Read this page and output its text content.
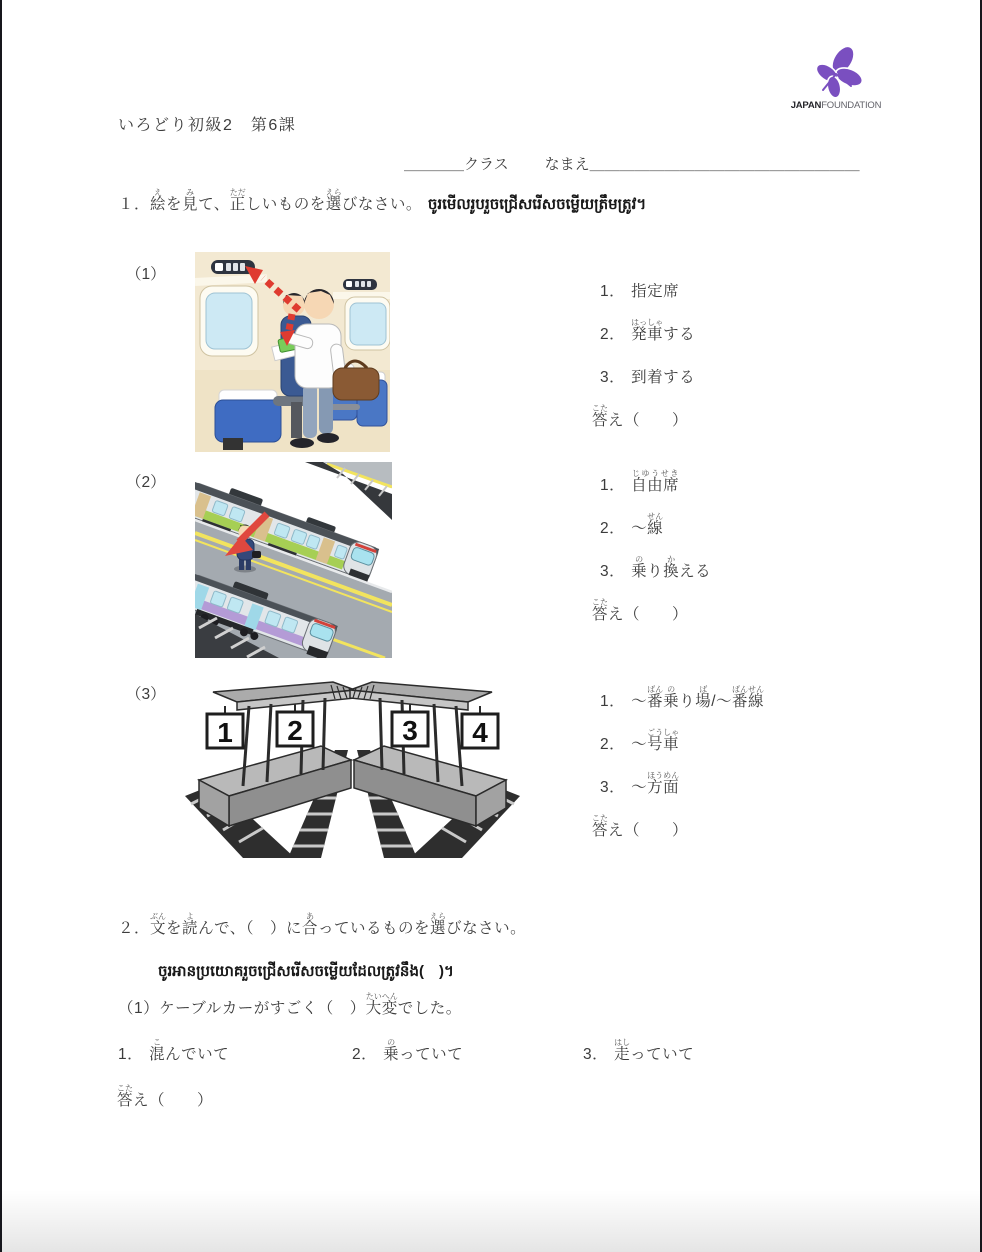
JAPANFOUNDATION
いろどり初級2　第6課
＿＿＿＿クラス なまえ＿＿＿＿＿＿＿＿＿＿＿＿＿＿＿＿＿＿
１．絵えを見みて、正ただしいものを選えらびなさい。 ចូរមើលរូបរួចជ្រើសរើសចម្លើយត្រឹមត្រូវ។
（1）
1． 指定席
2． 発車はっしゃする
3． 到着する
答こたえ（　　）
（2）	1． 自由席じゆうせき
2． ～線せん
3． 乗のり換かえる
答こたえ（　　）
（3）
1 2	3 4
1． ～番ばん乗のり場ば/～番線ばんせん
2． ～号車ごうしゃ
3． ～方面ほうめん
答こたえ（　　）
２．文ぶんを読よんで、（　）に合あっているものを選えらびなさい。
ចូរអានប្រយោគរួចជ្រើសរើសចម្លើយដែលត្រូវនឹង(　)។
（1）ケーブルカーがすごく（　）大変たいへんでした。
1． 混こんでいて	2． 乗のっていて	3． 走はしっていて
答こたえ（　　）
